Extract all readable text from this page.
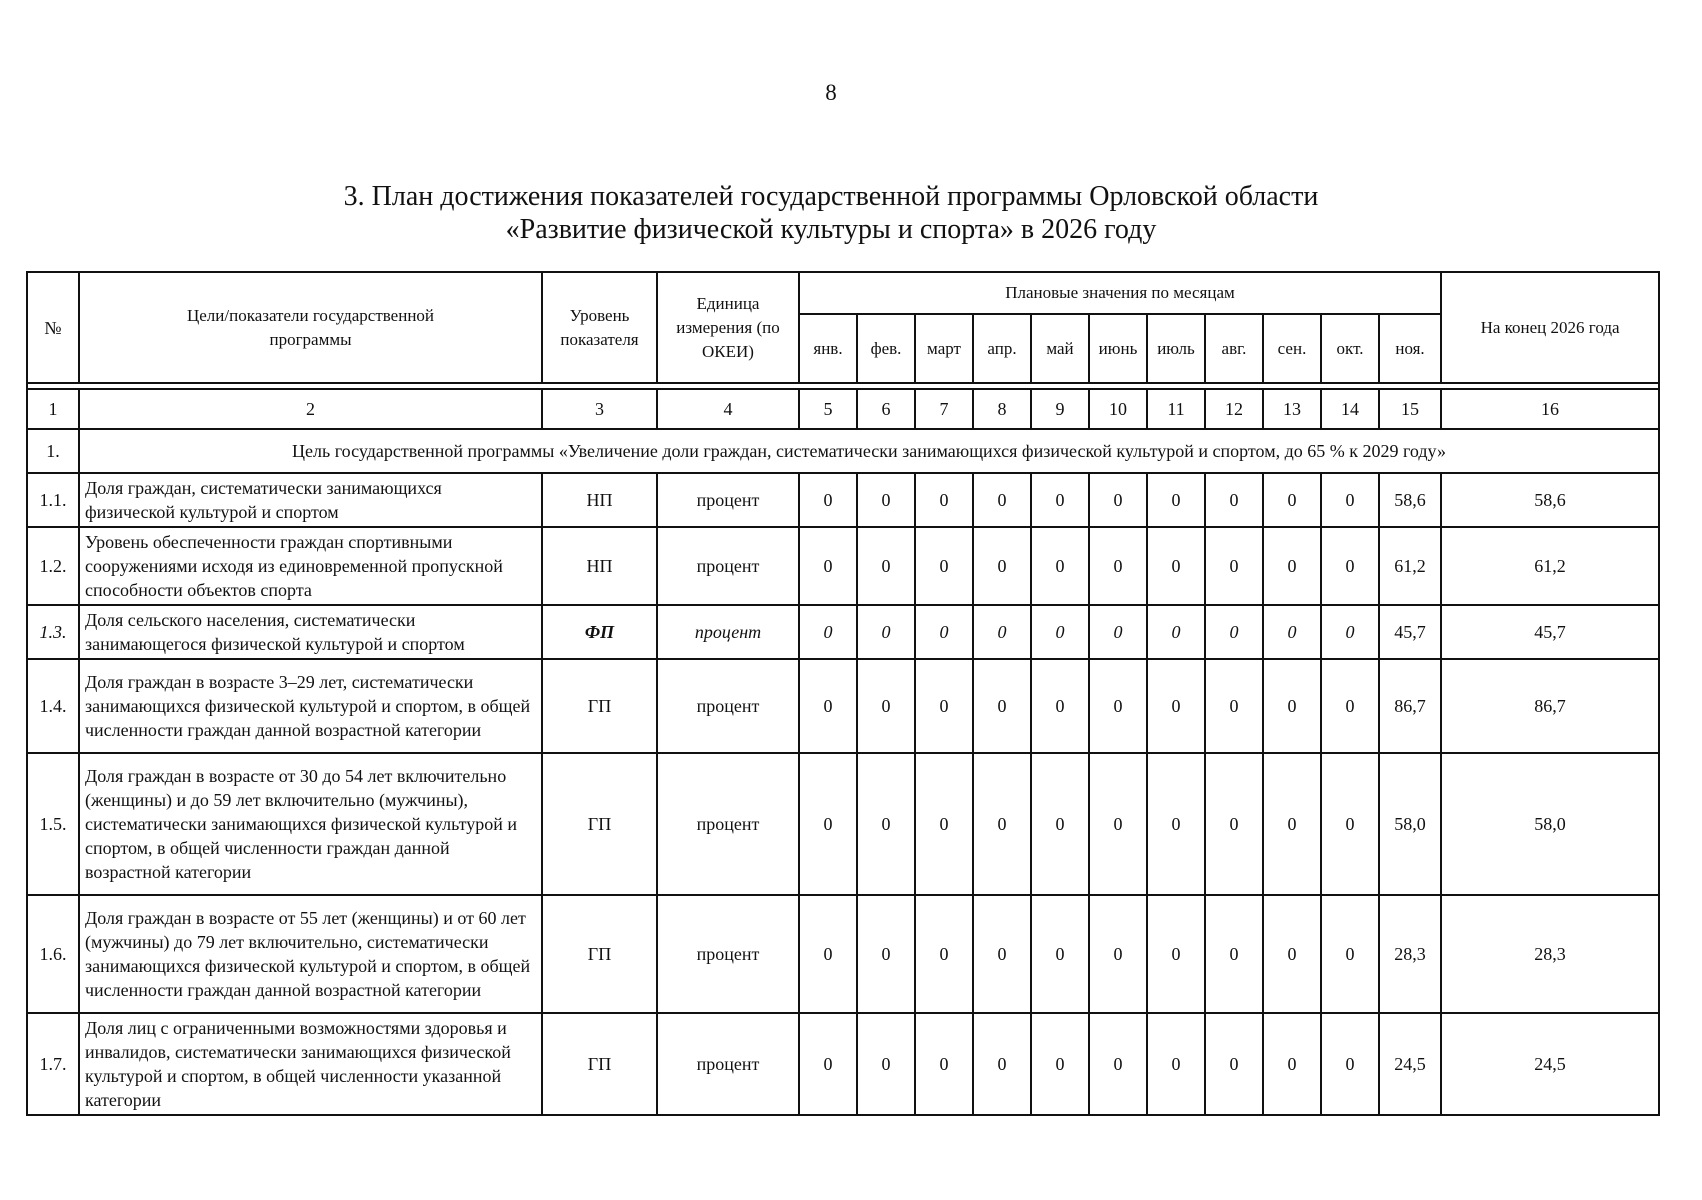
8
3. План достижения показателей государственной программы Орловской области
«Развитие физической культуры и спорта» в 2026 году
№	Цели/показатели государственной программы	Уровень показателя	Единица измерения (по ОКЕИ)	Плановые значения по месяцам											На конец 2026 года
				янв.	фев.	март	апр.	май	июнь	июль	авг.	сен.	окт.	ноя.	

1	2	3	4	5	6	7	8	9	10	11	12	13	14	15	16
1.	Цель государственной программы «Увеличение доли граждан, систематически занимающихся физической культурой и спортом, до 65 % к 2029 году»														
1.1.	Доля граждан, систематически занимающихся физической культурой и спортом	НП	процент	0	0	0	0	0	0	0	0	0	0	58,6	58,6
1.2.	Уровень обеспеченности граждан спортивными сооружениями исходя из единовременной пропускной способности объектов спорта	НП	процент	0	0	0	0	0	0	0	0	0	0	61,2	61,2
1.3.	Доля сельского населения, систематически занимающегося физической культурой и спортом	ФП	процент	0	0	0	0	0	0	0	0	0	0	45,7	45,7
1.4.	Доля граждан в возрасте 3–29 лет, систематически занимающихся физической культурой и спортом, в общей численности граждан данной возрастной категории	ГП	процент	0	0	0	0	0	0	0	0	0	0	86,7	86,7
1.5.	Доля граждан в возрасте от 30 до 54 лет включительно (женщины) и до 59 лет включительно (мужчины), систематически занимающихся физической культурой и спортом, в общей численности граждан данной возрастной категории	ГП	процент	0	0	0	0	0	0	0	0	0	0	58,0	58,0
1.6.	Доля граждан в возрасте от 55 лет (женщины) и от 60 лет (мужчины) до 79 лет включительно, систематически занимающихся физической культурой и спортом, в общей численности граждан данной возрастной категории	ГП	процент	0	0	0	0	0	0	0	0	0	0	28,3	28,3
1.7.	Доля лиц с ограниченными возможностями здоровья и инвалидов, систематически занимающихся физической культурой и спортом, в общей численности указанной категории	ГП	процент	0	0	0	0	0	0	0	0	0	0	24,5	24,5
